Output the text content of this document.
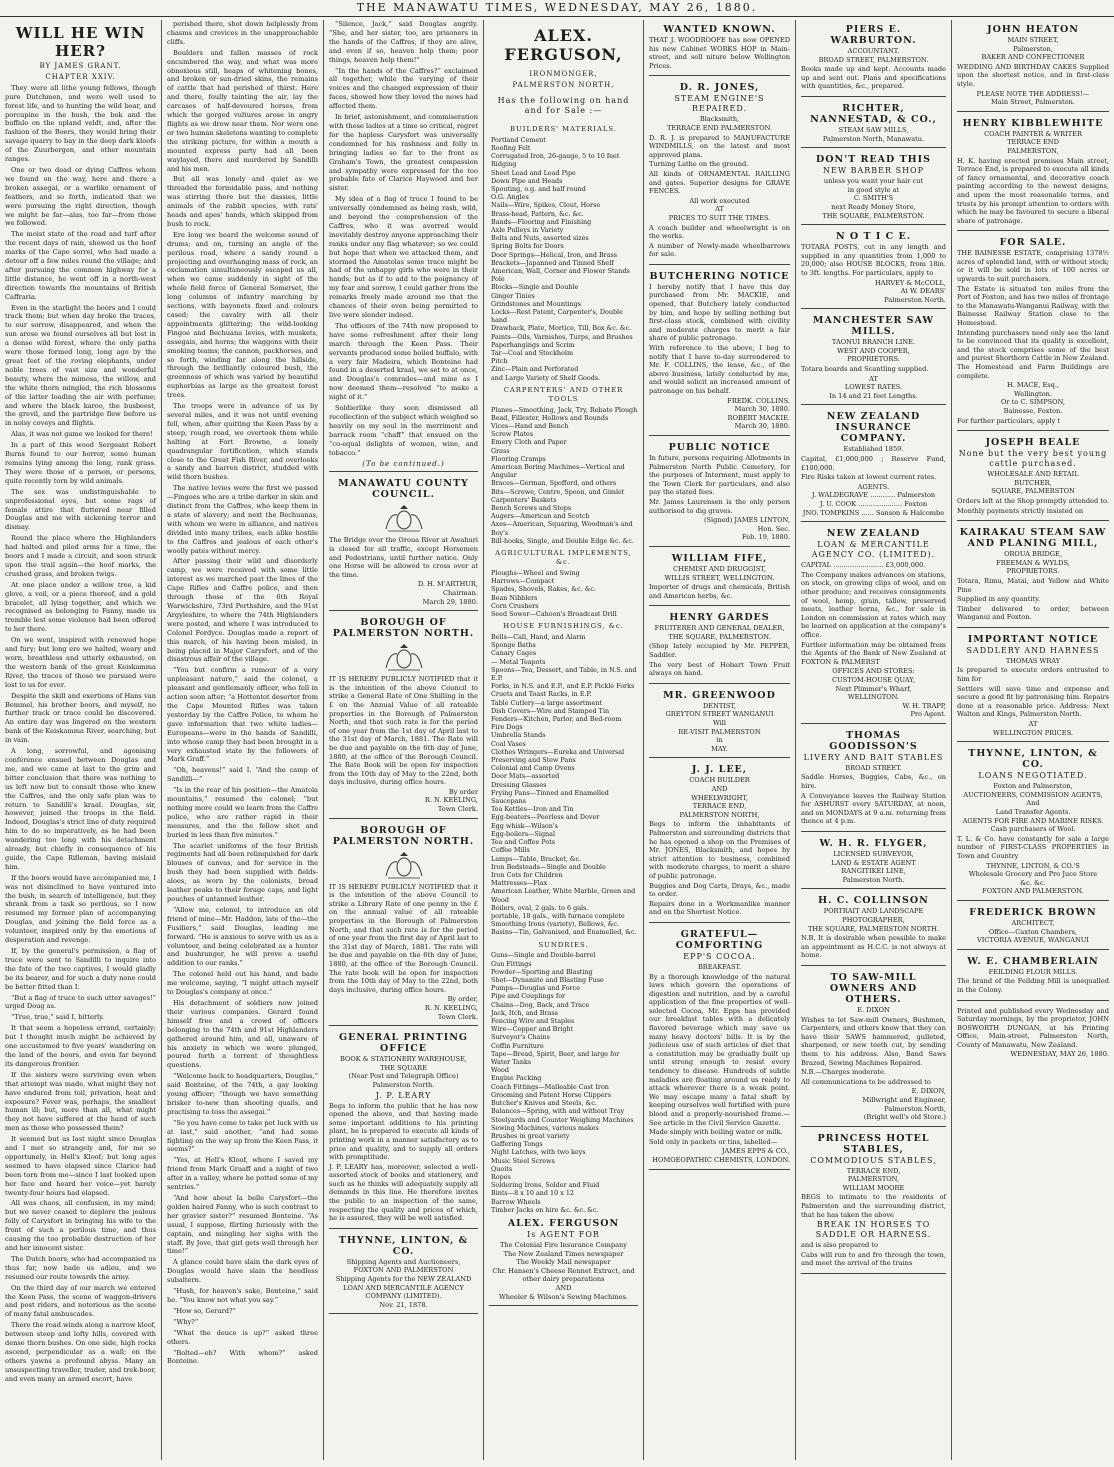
THE MANAWATU TIMES, WEDNESDAY, MAY 26, 1880.
WILL HE WIN HER?
BY JAMES GRANT.
CHAPTER XXIV.

They were all lithe young fellows, though pure Dutchmen, and were well used to forest life, and to hunting the wild boar, and porcupine in the bush, the bok and the buffalo on the upland veldt, and, after the fashion of the Boers, they would bring their savage quarry to bay in the deep dark kloofs of the Zuurbergen, and other mountain ranges.

One or two dead or dying Caffres whom we found on the way, here and there a broken assegai, or a warlike ornament of feathers, and so forth, indicated that we were pursuing the right direction, though we might be far—alas, too far—from those we followed.

The moist state of the road and turf after the recent days of rain, showed us the hoof marks of the Cape sorrel, who had made a detour off a few miles round the village; and after pursuing the common highway for a little distance, he went off in a north-west direction towards the mountains of British Caffraria.

Even in the starlight the boors and I could track them; but when day broke the traces, to our sorrow, disappeared, and when the sun arose we found ourselves all but lost in a dense wild forest, where the only paths were those formed long, long ago by the great feet of the roving elephants, under noble trees of vast size and wonderful beauty, where the mimosa, the willow, and the white thorn mingled, the rich blossoms of the latter loading the air with perfume; and where the black karoo, the busbeest, the grevil, and the partridge flew before us in noisy coveys and flights.

Alas, it was not game we looked for there!

In a part of this wood Sergeant Robert Burns found to our horror, some human remains lying among the long, rank grass. They were those of a person, or persons, quite recently torn by wild animals.

The sex was undistinguishable to unprofessional eyes, but some rags of female attire that fluttered near filled Douglas and me with sickening terror and dismay.

Round the place where the Highlanders had halted and piled arms for a time, the boors and I made a circuit, and soon struck upon the trail again—the hoof marks, the crushed grass, and broken twigs.

At one place under a willow tree, a kid glove, a veil, or a piece thereof, and a gold bracelet, all lying together, and which we recognised as belonging to Fanny, made us tremble lest some violence had been offered to her there.

On we went, inspired with renewed hope and fury; but long ere we halted, weary and worn, breathless and utterly exhausted, on the western bank of the great Keiskamma River, the traces of those we pursued were lost to us for ever.

Despite the skill and exertions of Hans van Bemmel, his brother boors, and myself, no further track or trace could be discovered. An entire day was lingered on the western bank of the Keiskamma River, searching, but in vain.

A long, sorrowful, and agonising conference ensued between Douglas and me, and we came at last to the grim and bitter conclusion that there was nothing to us left now but to consult those who knew the Caffres, and the only safe plan was to return to Sandilli's kraal. Douglas, sir, however, joined the troops in the field. Indeed, Douglas's strict line of duty required him to do so imperatively, as he had been wandering too long with his detachment already, but chiefly in consequence of his guide, the Cape Rifleman, having mislaid him.

If the boors would have accompanied me, I was not disinclined to have ventured into the bush, in search of intelligence, but they shrank from a task so perilous, so I now resumed my former plan of accompanying Douglas, and joining the field force as a volunteer, inspired only by the emotions of desperation and revenge.

If, by the general's permission, a flag of truce were sent to Sandilli to inquire into the fate of the two captives, I would gladly be its bearer, and for such a duty none could be better fitted than I.

“But a flag of truce to such utter savages!” urged Doug as.

“True, true,” said I, bitterly.

It that seem a hopeless errand, certainly; but I thought much might be achieved by one accustomed to five years' wandering on the land of the boors, and even far beyond its dangerous frontier.

If the sisters were surviving even when that attempt was made, what might they not have endured from toil, privation, heat and exposure? Fever was, perhaps, the smallest human ill; but, more than all, what might they not have suffered at the hand of such men as those who possessed them?

It seemed but as last night since Douglas and I met so strangely and, for me so opportunely, in Hell's Kloof; but long ages seemed to have elapsed since Clarice had been torn from me—since I last looked upon her face and heard her voice—yet barely twenty-four hours had elapsed.

All was chaos, all confusion, in my mind; but we never ceased to deplore the jealous folly of Carysfort in bringing his wife to the front of such a perilous time, and thus causing the too probable destruction of her and her innocent sister.

The Dutch boors, who had accompanied us thus far, now bade us adieu, and we resumed our route towards the army.

On the third day of our march we entered the Keen Pass, the scene of waggon-drivers and post riders, and notorious as the scene of many fatal ambuscades.

There the road winds along a narrow kloof, between steep and lofty hills, covered with dense thorn bushes. On one side, high rocks ascend, perpendicular as a wall; on the others yawns a profound abyss. Many an unsuspecting traveller, trader, and trek-boor, and even many an armed escort, have

perished there, shot down helplessly from chasms and crevices in the unapproachable cliffs.

Boulders and fallen masses of rock encumbered the way, and what was more obnoxious still, heaps of whitening bones, and broken or sun-dried skins, the remains of cattle that had perished of thirst. Here and there, foully tainting the air, lay the carcases of half-devoured horses, from which the gorged vultures arose in angry flights as we drew near them. Nor were one or two human skeletons wanting to complete the striking picture, for within a mouth a mounted express party had all been waylayed, there and murdered by Sandilli and his men.

But all was lonely and quiet as we threaded the formidable pass, and nothing was stirring there but the dassies, little animals of the rabbit species, with rats' heads and apes' hands, which skipped from bush to rock.

Ere long we heard the welcome sound of drums; and on, turning an angle of the perilous road, where a sandy round a projecting and overhanging mass of rock, an exclamation simultaneously escaped us all, when we came suddenly in sight of the whole field force of General Somerset, the long columns of infantry marching by sections, with bayonets fixed and colours cased; the cavalry with all their appointments glittering; the wild-looking Fingoe and Bechuana levies, with muskets, assegais, and horns; the waggons with their smoking teams; the cannon, packhorses, and so forth, winding far along the hillside, through the brilliantly coloured bush, the greenness of which was varied by beautiful euphorbias as large as the greatest forest trees.

The troops were in advance of us by several miles, and it was not until evening fell, when, after quitting the Keen Pass by a steep, rough road, we overtook them while halting at Fort Browne, a lonely quadrangular fortification, which stands close to the Great Fish River, and overlooks a sandy and barren district, studded with wild thorn bushes.

The native levies were the first we passed—Fingoes who are a tribe darker in skin and distinct from the Caffres, who keep them in a state of slavery; and next the Bechuanas, with whom we were in alliance, and natives divided into many tribes, each alike hostile to the Caffres and jealous of each other's woolly pates without mercy.

After passing their wild and disorderly camp, we were received with some little interest as we marched past the lines of the Cape Rifles and Caffre police, and then through those of the 6th Royal Warwickshire, 73rd Perthshire, and the 91st Argyleshire, to where the 74th Highlanders were posted, and where I was introduced to Colonel Fordyce. Douglas made a report of this march, of his having been misled, in being placed in Major Carysfort, and of the disastrous affair of the village.

“You but confirm a rumour of a very unpleasant nature,” said the colonel, a pleasant and gentlemanly officer, who fell in action soon after; “a Hottentot deserter from the Cape Mounted Rifles was taken yesterday by the Caffre Police, to whom he gave information that two white ladies—Europeans—were in the hands of Sandilli, into whose camp they had been brought in a very exhausted state by the followers of Mark Graff.”

“Oh, heavens!” said I. “And the camp of Sandilli—”

“Is in the rear of his position—the Amatola mountains,” resumed the colonel; “but nothing more could we learn from the Caffre police, who are rather rapid in their measures, and the the fellow shot and buried in less than five minutes.”

The scarlet uniforms of the four British regiments had all been relinquished for dark blouses of canvas, and for service in the bush they had been supplied with fields-aloes, as worn by the colonists, broad leather peaks to their forage caps, and light pouches of untanned leather.

“Allow me, colonel, to introduce an old friend of mine—Mr. Haddon, late of the—the Fusiliers,” said Douglas, leading me forward. “He is anxious to serve with us as a volunteer, and being celebrated as a hunter and bushranger, he will prove a useful addition to our ranks.”

The colonel held out his hand, and bade me welcome, saying, “I might attach myself to Douglas's company at once.”

His detachment of soldiers now joined their various companies. Gerard found himself free and a crowd of officers belonging to the 74th and 91st Highlanders gathered around him, and all, unaware of his anxiety in which we were plunged, poured forth a torrent of thoughtless questions.

“Welcome back to headquarters, Douglas,” said Bonteine, of the 74th, a gay looking young officer; “though we have something brisker to-new than shooting quails, and practising to toss the assegai.”

“So you have come to take pot luck with us at last,” said another, “and had some fighting on the way up from the Keen Pass, it seems?”

“Yes, at Hell's Kloof, where I saved my friend from Mark Graaff and a night of two after in a valley, where he potted some of my sentries.”

“And how about la belle Carysfort—the golden haired Fanny, who is such contrast to her gravier sister?” resumed Bonteine. “As usual, I suppose, flirting furiously with the captain, and mingling her sighs with the staff. By Jove, that girl gets well through her time!”

A glance could have slain the dark eyes of Douglas would have slain the heedless subaltern.

“Hush, for heaven's sake, Bonteine,” said he. “You know not what you say.”

“How so, Gerard?”

“Why?”

“What the deuce is up?” asked three others.

“Bolted—eh? With whom?” asked Bonteine.

“Silence, Jack,” said Douglas angrily. “She, and her sister, too, are prisoners in the hands of the Caffres, if they are alive, and even if so, heaven help them; poor things, heaven help them!”

“In the hands of the Caffres?” exclaimed all together, while the varying of their voices and the changed expression of their faces, showed how they loved the news had affected them.

In brief, astonishment, and commiseration with these ladies at a time so critical, regret for the hapless Carysfort was universally condemned for his rashness and folly in bringing ladies so far to the front as Graham's Town, the greatest compassion and sympathy were expressed for the too probable fate of Clarice Haywood and her sister.

My idea of a flag of truce I found to be universally condemned as being rash, wild, and beyond the comprehension of the Caffres, who it was averred would inevitably destroy anyone approaching their ranks under any flag whatever; so we could but hope that when we attacked them, and stormed the Amatolas some trace might be had of the unhappy girls who were in their hands; but as if to add to the poignancy of my fear and sorrow, I could gather from the remarks freely made around me that the chances of their even being permitted to live were slender indeed.

The officers of the 74th now proposed to have some refreshment after their long march through the Keen Pass. Their servants produced some boiled buffalo, with a very fair Madeira, which Bonteine had found in a deserted kraal, we set to at once, and Douglas's comrades—and mine as I now deemed them—resolved “to make a night of it.”

Soldierlike they soon dismissed all recollection of the subject which weighed so heavily on my soul in the merriment and barrack room “chaff” that ensued on the “co-equal delights of women, wine, and tobacco.”

(To be continued.)
MANAWATU COUNTY COUNCIL.
The Bridge over the Oroua River at Awahuri is closed for all traffic, except Horsemen and Pedestrians, until further notice. Only one Horse will be allowed to cross over at the time.
D. H. M'ARTHUR,
Chairman.
March 29, 1880.
BOROUGH OF PALMERSTON NORTH.
IT IS HEREBY PUBLICLY NOTIFIED that it is the intention of the above Council to strike a General Rate of One Shilling in the £ on the Annual Value of all rateable properties in the Borough of Palmerston North, and that such rate is for the period of one year from the 1st day of April last to the 31st day of March, 1881. The Rate will be due and payable on the 6th day of June, 1880, at the office of the Borough Council. The Rate Book will be open for inspection from the 10th day of May to the 22nd, both days inclusive, during office hours.
By order
R. N. KEELING,
Town Clerk.
BOROUGH OF PALMERSTON NORTH.
IT IS HEREBY PUBLICLY NOTIFIED that it is the intention of the above Council to strike a Library Rate of one penny in the £ on the annual value of all rateable properties in the Borough of Palmerston North, and that such rate is for the period of one year from the first day of April last to the 31st day of March, 1881. The rate will be due and payable on the 6th day of June, 1880, at the office of the Borough Council. The rate book will be open for inspection from the 10th day of May to the 22nd, both days inclusive, during office hours.
By order,
R. N. KEELING,
Town Clerk.
GENERAL PRINTING OFFICE
BOOK & STATIONERY WAREHOUSE,
THE SQUARE
(Near Post and Telegraph Office)
Palmerston North.
J. P. LEARY
Begs to inform the public that he has now opened the above, and that having made some important additions to his printing plant, he is prepared to execute all kinds of printing work in a manner satisfactory as to price and quality, and to supply all orders with promptitude.
J. P. LEARY has, moreover, selected a well-assorted stock of books and stationery, and such as he thinks will adequately supply all demands in this line. He therefore invites the public to an inspection of the same, respecting the quality and prices of which, he is assured, they will be well satisfied.
THYNNE, LINTON, & CO.
Shipping Agents and Auctioneers,
FOXTON AND PALMERSTON
Shipping Agents for the NEW ZEALAND LOAN AND MERCANTILE AGENCY COMPANY (LIMITED).
Nov. 21, 1878.
ALEX. FERGUSON,
IRONMONGER,
PALMERSTON NORTH,
Has the following on hand and for Sale :—
BUILDERS' MATERIALS.
Portland Cement
Roofing Felt
Corrugated Iron, 26-gauge, 5 to 10 feet
Ridging
Sheet Lead and Lead Pipe
Down Pipe and Heads
Spouting, o.g. and half round
O.G. Angles
Nails—Wire, Spikes, Clout, Horse
Brass-head, Pattern, &c. &c.
Bands—Flooring and Finishing
Axle Pulleys in Variety
Bolts and Nuts, assorted sizes
Spring Bolts for Doors
Door Springs—Helical, Iron, and Brass
Brackets—Japanned and Tinned Shelf
American, Wall, Corner and Flower Stands
Pole
Blocks—Single and Double
Ginger Tinies
Grindstones and Mountings
Locks—Rest Patent, Carpenter's, Double hand
Drawback, Plate, Mortice, Till, Box &c. &c.
Paints—Oils, Varnishes, Turps, and Brushes
Paperhangings and Scrim
Tar—Coal and Stockholm
Pitch
Zinc—Plain and Perforated
and Large Variety of Shelf Goods.
CARPENTERS' AND OTHER TOOLS
Planes—Smoothing, Jack, Try, Rebate Plough
Bead, Fillester, Hollows and Rounds
Vices—Hand and Bench
Screw Plates
Emery Cloth and Paper
Grass
Flooring Cramps
American Boring Machines—Vertical and Angular
Braces—German, Spofford, and others
Bits—Screwe, Centre, Spoon, and Gimlet
Carpenters' Baskets
Bench Screws and Stops
Augers—American and Scotch
Axes—American, Squaring, Woodman's and Boy's
Bill-hooks, Single, and Double Edge &c. &c.
AGRICULTURAL IMPLEMENTS, &c.
Ploughs—Wheel and Swing
Harrows—Compact
Spades, Shovels, Rakes, &c. &c.
Bean Nibblers
Corn Crushers
Seed Sower—Cahoon's Broadcast Drill
HOUSE FURNISHINGS, &c.
Bells—Call, Hand, and Alarm
Sponge Baths
Canary Cages
— Metal Teapots
Spoons—Tea, Dessert, and Table, in N.S. and E.P.
Forks, in N.S. and E.P., and E.P. Pickle Forks
Cruets and Toast Racks, in E.P.
Table Cutlery—a large assortment
Dish Covers—Wire and Stamped Tin
Fenders—Kitchen, Parlor, and Bed-room
Fire Dogs
Umbrella Stands
Coal Vases
Clothes Wringers—Eureka and Universal
Preserving and Stew Pans
Colonial and Camp Ovens
Door Mats—assorted
Dressing Glasses
Frying Pans—Tinned and Enamelled
Saucepans
Tea Kettles—Iron and Tin
Egg-beaters—Peerless and Dover
Egg whisk—Wilson's
Egg-boilers—Signal
Tea and Coffee Pots
Coffee Mills
Lamps—Table, Bracket, &c.
Iron Bedsteads—Single and Double
Iron Cots for Children
Mattresses—Flax
American Leather, White Marble, Green and Wood
Boilers, oval, 2 gals. to 6 gals.
portable, 18 gals., with furnace complete
Smoothing Irons (variety), Bellows, &c.
Basins—Tin, Galvanised, and Enamelled, &c.
SUNDRIES.
Guns—Single and Double-barrel
Gun Fittings
Powder—Sporting and Blasting
Shot—Dynamite and Blasting Fuse
Pumps—Douglas and Force
Pipe and Couplings for
Chains—Dog, Back, and Trace
Jack, Itch, and Brass
Fencing Wire and Staples
Wire—Copper and Bright
Surveyor's Chains
Coffin Furniture
Tape—Bread, Spirit, Beer, and large for Water Tanks
Wood
Engine Packing
Coach Fittings—Malleable Cast Iron
Grooming and Patent Horse Clippers
Butcher's Knives and Steels, &c.
Balances—Spring, with and without Tray
Steelyards and Counter Weighing Machines
Sewing Machines, various makes
Brushes in great variety
Gaffering Tongs
Night Latches, with two keys
Music Steel Screws
Quoits
Ropes
Soldering Irons, Solder and Fluid
Bints—8 x 10 and 10 x 12
Barrow Wheels
Timber Jacks on hire &c. &c. &c.
ALEX. FERGUSON
Is AGENT FOR
The Colonial Fire Insurance Company
The New Zealand Times newspaper
The Weekly Mail newspaper
Chr. Hansen's Cheese Rennet Extract, and other dairy preparations
AND
Wheeler & Wilson's Sewing Machines.
WANTED KNOWN.
THAT J. WOODROOFE has now OPENED his new Cabinet WORKS HOP in Main-street, and sell niture below Wellington Prices.
D. R. JONES,
STEAM ENGINE'S REPAIRED.
Blacksmith,
TERRACE END PALMERSTON.
D. R. J. is prepared to MANUFACTURE WINDMILLS, on the latest and most approved plans.
Turning Lathe on the ground.
All kinds of ORNAMENTAL RAILLING and gates. Superior designs for GRAVE FENCES.
All work executed
AT
PRICES TO SUIT THE TIMES.
A coach builder and wheelwright is on the works.
A number of Newly-made wheelbarrows for sale.
BUTCHERING NOTICE
I hereby notify that I have this day purchased from Mr. MACKIE, and opened, that Butchery lately conducted by him, and hope by selling nothing but first-class stock, combined with civility and moderate charges to merit a fair share of public patronage.
With reference to the above, I beg to notify that I have to-day surrendered to Mr. F. COLLINS, the lease, &c., of the above business, lately conducted by me, and would solicit an increased amount of patronage on his behalf.
FREDK. COLLINS.
March 30, 1880.
ROBERT MACKIE.
March 30, 1880.
PUBLIC NOTICE
In future, persons requiring Allotments in Palmerston North Public Cemetery, for the purposes of Interment, must apply to the Town Clerk for particulars, and also pay the stated fees.
Mr. James Laurensen is the only person authorised to dig graves.
(Signed) JAMES LINTON,
Hon. Sec.
Feb. 19, 1880.
WILLIAM FIFE,
CHEMIST AND DRUGGIST,
WILLIS STREET, WELLINGTON.
Importer of drugs and chemicals, British and American herbs, &c.
HENRY GARDES
FRUITERER AND GENERAL DEALER,
THE SQUARE, PALMERSTON.
(Shop lately occupied by Mr. PEPPER, Saddler.
The very best of Hobart Town Fruit always on hand.
MR. GREENWOOD
DENTIST,
GREYTON STREET WANGANUI
Will
RE-VISIT PALMERSTON
in
MAY.
J. J. LEE,
COACH BUILDER
AND
WHEELWRIGHT,
TERRACE END,
PALMERSTON NORTH,
Begs to inform the inhabitants of Palmerston and surrounding districts that he has opened a shop on the Premises of Mr. JONES, Blacksmith, and hopes by strict attention to business, combined with moderate charges, to merit a share of public patronage.
Buggies and Dog Carts, Drays, &c., made to order.
Repairs done in a Workmanlike manner and on the Shortest Notice.
GRATEFUL—COMFORTING
EPP'S COCOA.
BREAKFAST.
By a thorough knowledge of the natural laws which govern the operations of digestion and nutrition, and by a careful application of the fine properties of well-selected Cocoa, Mr. Epps has provided our breakfast tables with a delicately flavored beverage which may save us many heavy doctors' bills. It is by the judicious use of such articles of diet that a constitution may be gradually built up until strong enough to resist every tendency to disease. Hundreds of subtle maladies are floating around us ready to attack wherever there is a weak point. We may escape many a fatal shaft by keeping ourselves well fortified with pure blood and a properly-nourished frame.—See article in the Civil Service Gazette.
Made simply with boiling water or milk.
Sold only in packets or tins, labelled—
JAMES EPPS & CO.,
HOMOEOPATHIC CHEMISTS, LONDON.
PIERS E. WARBURTON.
ACCOUNTANT.
BROAD STREET, PALMERSTON.
Books made up and kept. Accounts made up and sent out. Plans and specifications with quantities, &c., prepared.
RICHTER, NANNESTAD, & CO.,
STEAM SAW MILLS,
Palmerston North, Manawatu.
DON'T READ THIS
NEW BARBER SHOP
unless you want your hair cut
in good style at
C. SMITH'S
next Ready Money Store,
THE SQUARE, PALMERSTON.
N O T I C E.
TOTARA POSTS, cut in any length and supplied in any quantities from 1,000 to 20,000; also HOUSE BLOCKS, from 18in. to 3ft. lengths. For particulars, apply to
HARVEY & McCOLL,
At W. DEARS'
Palmerston North.
MANCHESTER SAW MILLS.
TAONUI BRANCH LINE.
WEST AND COOPER,
PROPRIETORS.
Totara boards and Scantling supplied.
AT
LOWEST RATES.
In 14 and 21 feet Lengths.
NEW ZEALAND INSURANCE COMPANY.
Established 1859.
Capital, £1,000,000 ; Reserve Fund, £100,000.
Fire Risks taken at lowest current rates.
AGENTS.
J. WALDEGRAVE ............ Palmerston
J. U. COOK ..................... Foxton
JNO. TOMPKINS ...... Sanson & Halcombe
NEW ZEALAND
LOAN & MERCANTILE AGENCY CO. (LIMITED).
CAPITAL ........................ £3,000,000.
The Company makes advances on stations, on stock, on growing clips of wool, and on other produce; and receives consignments of wool, hemp, grain, tallow, preserved meats, leather horns, &c., for sale in London on commission at rates which may be learned on application at the company's office.
Further information may be obtained from the Agents of the Bank of New Zealand at FOXTON & PALMERST
OFFICES AND STORES:
CUSTOM-HOUSE QUAY,
Next Plimmer's Wharf,
WELLINGTON.
W. H. TRAPP,
Pro Agent.
THOMAS GOODISSON'S
LIVERY AND BAIT STABLES
BROAD STREET.
Saddle Horses, Buggies, Cabs, &c., on hire.
A Conveyance leaves the Railway Station for ASHURST every SATURDAY, at noon, and on MONDAYS at 9 a.m. returning from thence at 4 p.m.
W. H. R. FLYGER,
LICENSED SURVEYOR,
LAND & ESTATE AGENT
RANGITIKEI LINE,
Palmerston North.
H. C. COLLINSON
PORTRAIT AND LANDSCAPE
PHOTOGRAPHER,
THE SQUARE, PALMERSTON NORTH.
N.B. It is desirable when possible to make an appointment as H.C.C. is not always at home.
TO SAW-MILL OWNERS AND OTHERS.
E. DIXON
Wishes to let Saw-mill Owners, Bushmen, Carpenters, and others know that they can have their SAWS hammered, gulleted, sharpened, or new teeth cut, by sending them to his address. Also, Band Saws Brazed, Sewing Machines Repaired.
N.B.—Charges moderate.
All communications to be addressed to
E. DIXON,
Millwright and Engineer,
Palmerston North,
(Bright well's old Store.)
PRINCESS HOTEL STABLES,
COMMODIOUS STABLES,
TERRACE END,
PALMERSTON,
WILLIAM MOORE
BEGS to intimate to the residents of Palmerston and the surrounding district, that he has taken the above
BREAK IN HORSES TO SADDLE OR HARNESS.
and is also prepared to
Cabs will run to and fro through the town, and meet the arrival of the trains
JOHN HEATON
MAIN STREET,
Palmerston,
BAKER AND CONFECTIONER
WEDDING AND BIRTHDAY CAKES Supplied upon the shortest notice, and in first-class style.
PLEASE NOTE THE ADDRESS!—
Main Street, Palmerston.
HENRY KIBBLEWHITE
COACH PAINTER & WRITER
TERRACE END
PALMERSTON,
H. K. having erected premises Main street, Terrace End, is prepared to execute all kinds of fancy ornamental, and decorative coach painting according to the newest designs, and upon the most reasonable terms, and trusts by his prompt attention to orders with which he may be favoured to secure a liberal share of patronage.
FOR SALE.
THE BAINESSE ESTATE, comprising 1378½ acres of splendid land, with or without stock; or it will be sold in lots of 100 acres or upwards to suit purchasers.
The Estate is situated ten miles from the Port of Foxton, and has two miles of frontage to the Manawatu-Wanganui Railway, with the Bainesse Railway Station close to the Homestead.
Intending purchasers need only see the land to be convinced that its quality is excellent, and the stock comprises some of the best and purest Shorthorn Cattle in New Zealand. The Homestead and Farm Buildings are complete.
H. MACE, Esq.,
Wellington.
Or to C. SIMPSON,
Bainesse, Foxton.
For further particulars, apply t
JOSEPH BEALE
None but the very best young cattle purchased.
WHOLESALE AND RETAIL
BUTCHER,
SQUARE, PALMERSTON
Orders left at the Shop promptly attended to.
Monthly payments strictly insisted on
KAIRAKAU STEAM SAW AND PLANING MILL,
OROUA BRIDGE,
FREEMAN & WYLDS,
PROPRIETORS.
Totara, Rimu, Matai, and Yellow and White Pine
Supplied in any quantity.
Timber delivered to order, between Wanganui and Foxton.
IMPORTANT NOTICE
SADDLERY AND HARNESS
THOMAS WRAY
Is prepared to execute orders entrusted to him for
Settlers will save time and expense and secure a good fit by patronising him. Repairs done at a reasonable price. Address: Next Walton and Kings, Palmerston North.
AT
WELLINGTON PRICES.
THYNNE, LINTON, & CO.
LOANS NEGOTIATED.
Foxton and Palmerston,
AUCTIONEERS, COMMISSION AGENTS,
And
Land Transfer Agents.
AGENTS FOR FIRE AND MARINE RISKS.
Cash purchasers of Wool.
T. L. & Co. have constantly for sale a large number of FIRST-CLASS PROPERTIES in Town and Country
THYNNE, LINTON, & CO.'S
Wholesale Grocery and Pro Juce Store
&c. &c.
FOXTON AND PALMERSTON.
FREDERICK BROWN
ARCHITECT,
Office—Caxton Chambers,
VICTORIA AVENUE, WANGANUI
W. E. CHAMBERLAIN
FEILDING FLOUR MILLS.
The brand of the Feilding Mill is unequalled in the Colony.
Printed and published every Wednesday and Saturday mornings, by the proprietor, JOHN BOSWORTH DUNGAN, at his Printing Office, Main-street, Palmerston North, County of Manawatu, New Zealand.
WEDNESDAY, MAY 26, 1880.
